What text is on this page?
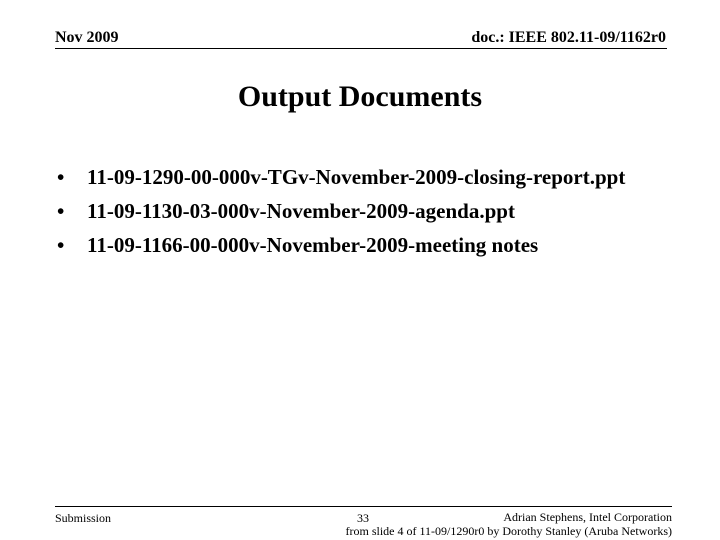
Nov 2009	doc.: IEEE 802.11-09/1162r0
Output Documents
•	11-09-1290-00-000v-TGv-November-2009-closing-report.ppt
•	11-09-1130-03-000v-November-2009-agenda.ppt
•	11-09-1166-00-000v-November-2009-meeting notes
Submission	33	Adrian Stephens, Intel Corporation
from slide 4 of 11-09/1290r0 by Dorothy Stanley (Aruba Networks)
